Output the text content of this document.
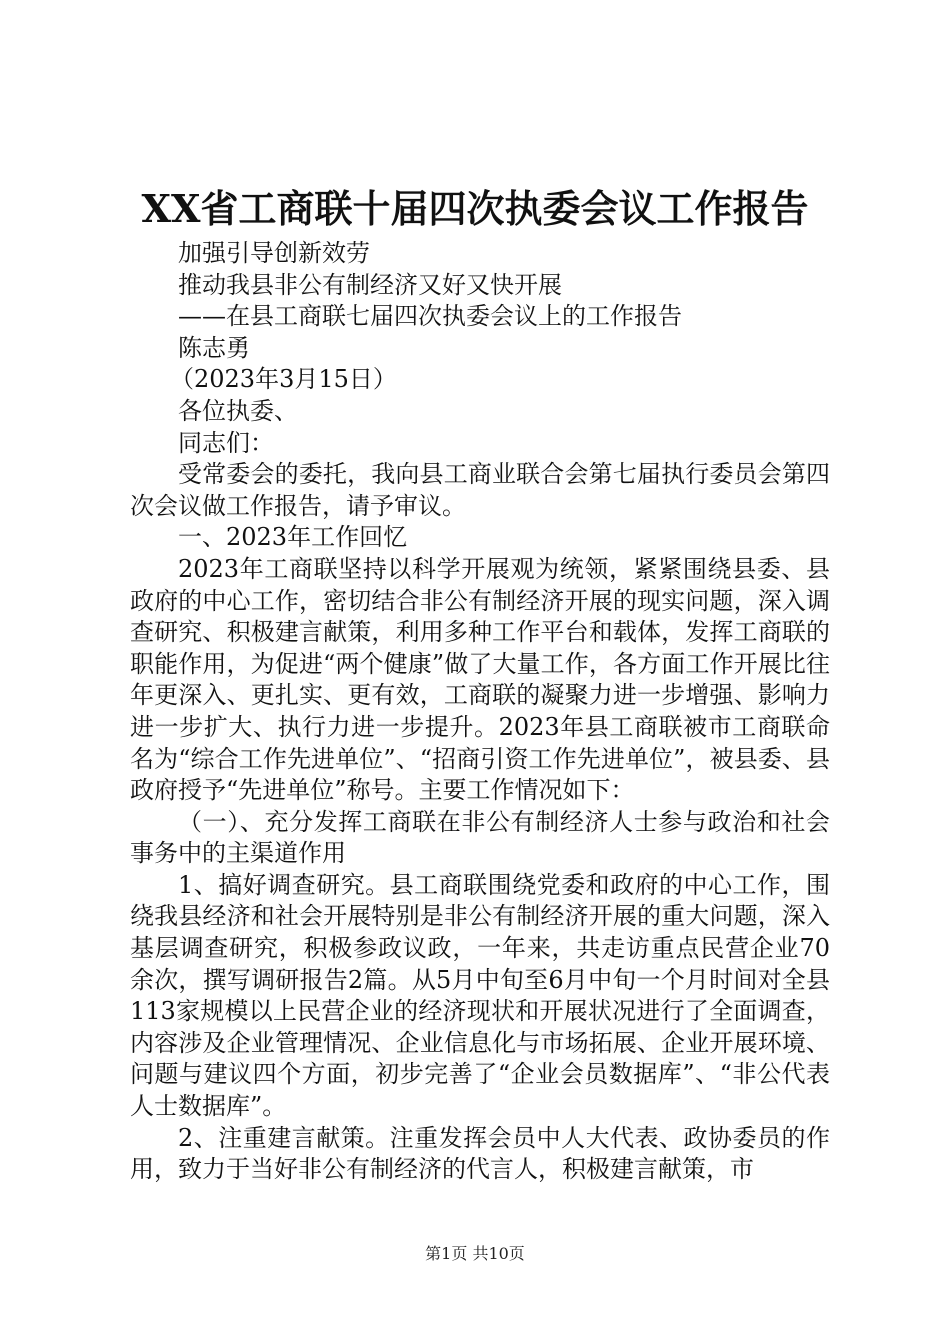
XX省工商联十届四次执委会议工作报告
加强引导创新效劳
推动我县非公有制经济又好又快开展
——在县工商联七届四次执委会议上的工作报告
陈志勇
（2023年3月15日）
各位执委、
同志们：
受常委会的委托，我向县工商业联合会第七届执行委员会第四次会议做工作报告，请予审议。
一、2023年工作回忆
2023年工商联坚持以科学开展观为统领，紧紧围绕县委、县政府的中心工作，密切结合非公有制经济开展的现实问题，深入调查研究、积极建言献策，利用多种工作平台和载体，发挥工商联的职能作用，为促进“两个健康”做了大量工作，各方面工作开展比往年更深入、更扎实、更有效，工商联的凝聚力进一步增强、影响力进一步扩大、执行力进一步提升。2023年县工商联被市工商联命名为“综合工作先进单位”、“招商引资工作先进单位”，被县委、县政府授予“先进单位”称号。主要工作情况如下：
（一）、充分发挥工商联在非公有制经济人士参与政治和社会事务中的主渠道作用
1、搞好调查研究。县工商联围绕党委和政府的中心工作，围绕我县经济和社会开展特别是非公有制经济开展的重大问题，深入基层调查研究，积极参政议政，一年来，共走访重点民营企业70余次，撰写调研报告2篇。从5月中旬至6月中旬一个月时间对全县113家规模以上民营企业的经济现状和开展状况进行了全面调查，内容涉及企业管理情况、企业信息化与市场拓展、企业开展环境、问题与建议四个方面，初步完善了“企业会员数据库”、“非公代表人士数据库”。
2、注重建言献策。注重发挥会员中人大代表、政协委员的作用，致力于当好非公有制经济的代言人，积极建言献策，市
第1页 共10页
